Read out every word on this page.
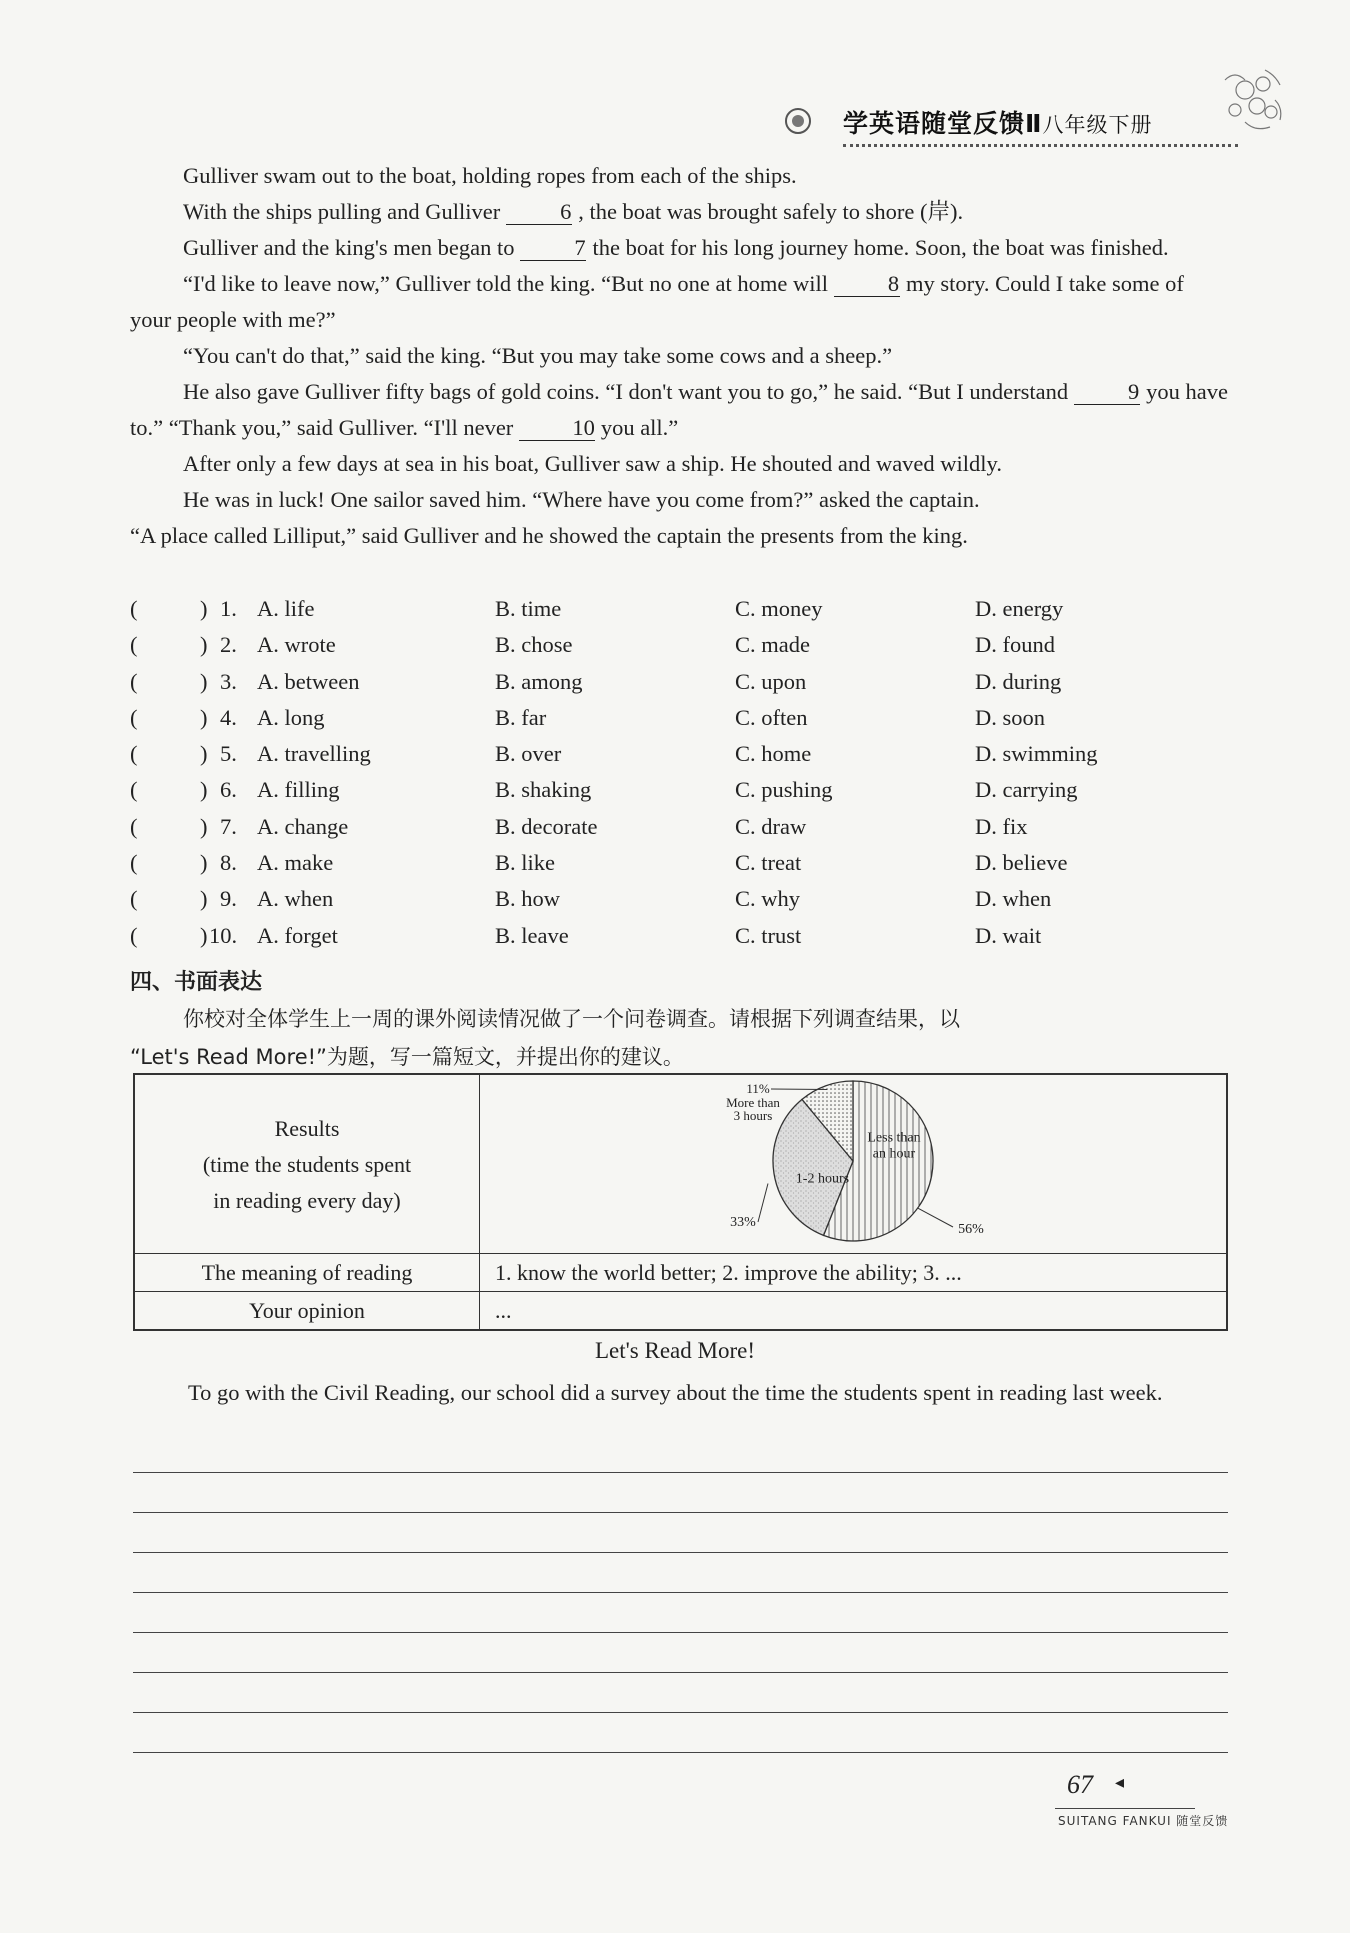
学英语随堂反馈Ⅱ八年级下册

Gulliver swam out to the boat, holding ropes from each of the ships.

With the ships pulling and Gulliver	6 , the boat was brought safely to shore (岸).

Gulliver and the king's men began to	7 the boat for his long journey home. Soon, the boat was finished.

“I'd like to leave now,” Gulliver told the king. “But no one at home will	8 my story. Could I take some of your people with me?”

“You can't do that,” said the king. “But you may take some cows and a sheep.”

He also gave Gulliver fifty bags of gold coins. “I don't want you to go,” he said. “But I understand	9 you have to.” “Thank you,” said Gulliver. “I'll never	10 you all.”

After only a few days at sea in his boat, Gulliver saw a ship. He shouted and waved wildly.

He was in luck! One sailor saved him. “Where have you come from?” asked the captain.

“A place called Lilliput,” said Gulliver and he showed the captain the presents from the king.

(	) 1. A. life	B. time	C. money	D. energy
(	) 2. A. wrote	B. chose	C. made	D. found
(	) 3. A. between	B. among	C. upon	D. during
(	) 4. A. long	B. far	C. often	D. soon
(	) 5. A. travelling	B. over	C. home	D. swimming
(	) 6. A. filling	B. shaking	C. pushing	D. carrying
(	) 7. A. change	B. decorate	C. draw	D. fix
(	) 8. A. make	B. like	C. treat	D. believe
(	) 9. A. when	B. how	C. why	D. when
(	) 10. A. forget	B. leave	C. trust	D. wait
四、书面表达

你校对全体学生上一周的课外阅读情况做了一个问卷调查。请根据下列调查结果，以

“Let's Read More!”为题，写一篇短文，并提出你的建议。

Results
(time the students spent
in reading every day)
Less than
an hour
1-2 hours
More than
3 hours
11%
33%	56%
The meaning of reading	1. know the world better; 2. improve the ability; 3. ...
Your opinion	...
Let's Read More!

To go with the Civil Reading, our school did a survey about the time the students spent in reading last week.

67 ◂
SUITANG FANKUI 随堂反馈
